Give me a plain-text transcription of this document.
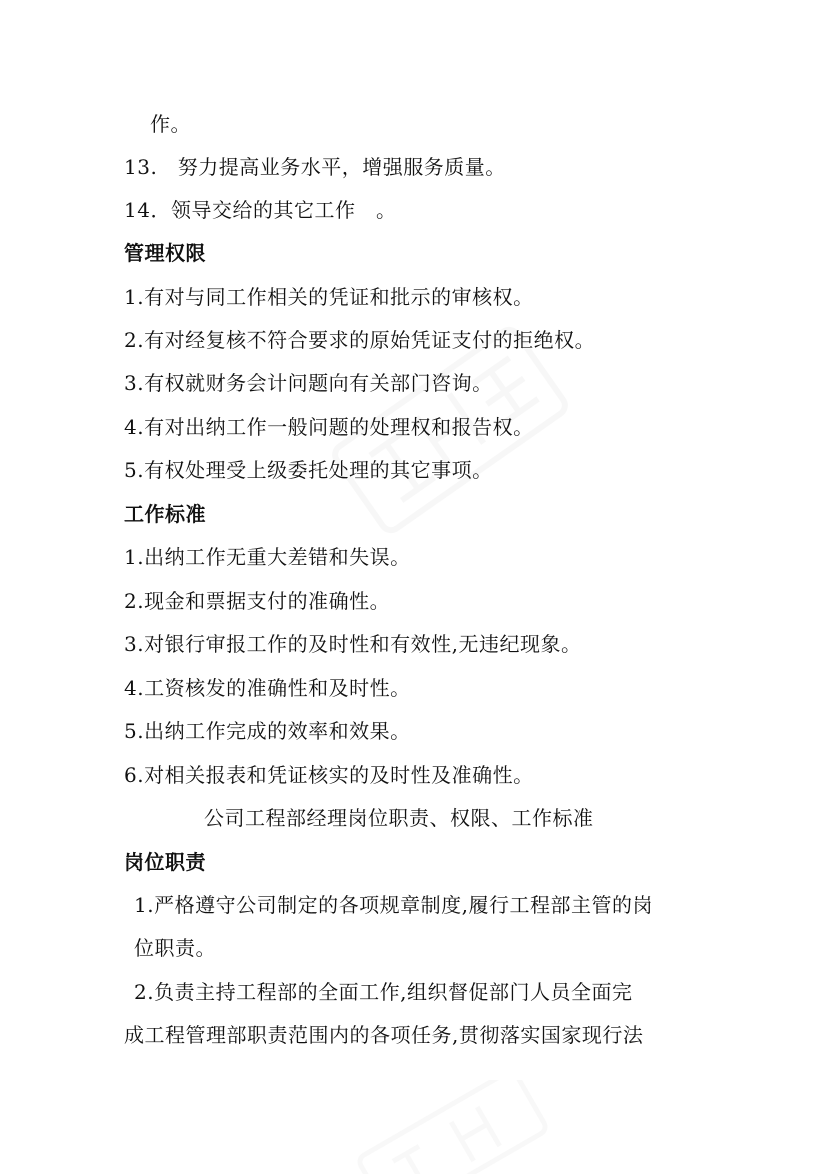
作。
13.　努力提高业务水平，增强服务质量。
14．领导交给的其它工作　。
管理权限
1.有对与同工作相关的凭证和批示的审核权。
2.有对经复核不符合要求的原始凭证支付的拒绝权。
3.有权就财务会计问题向有关部门咨询。
4.有对出纳工作一般问题的处理权和报告权。
5.有权处理受上级委托处理的其它事项。
工作标准
1.出纳工作无重大差错和失误。
2.现金和票据支付的准确性。
3.对银行审报工作的及时性和有效性,无违纪现象。
4.工资核发的准确性和及时性。
5.出纳工作完成的效率和效果。
6.对相关报表和凭证核实的及时性及准确性。
公司工程部经理岗位职责、权限、工作标准
岗位职责
1.严格遵守公司制定的各项规章制度,履行工程部主管的岗
位职责。
2.负责主持工程部的全面工作,组织督促部门人员全面完
成工程管理部职责范围内的各项任务,贯彻落实国家现行法
